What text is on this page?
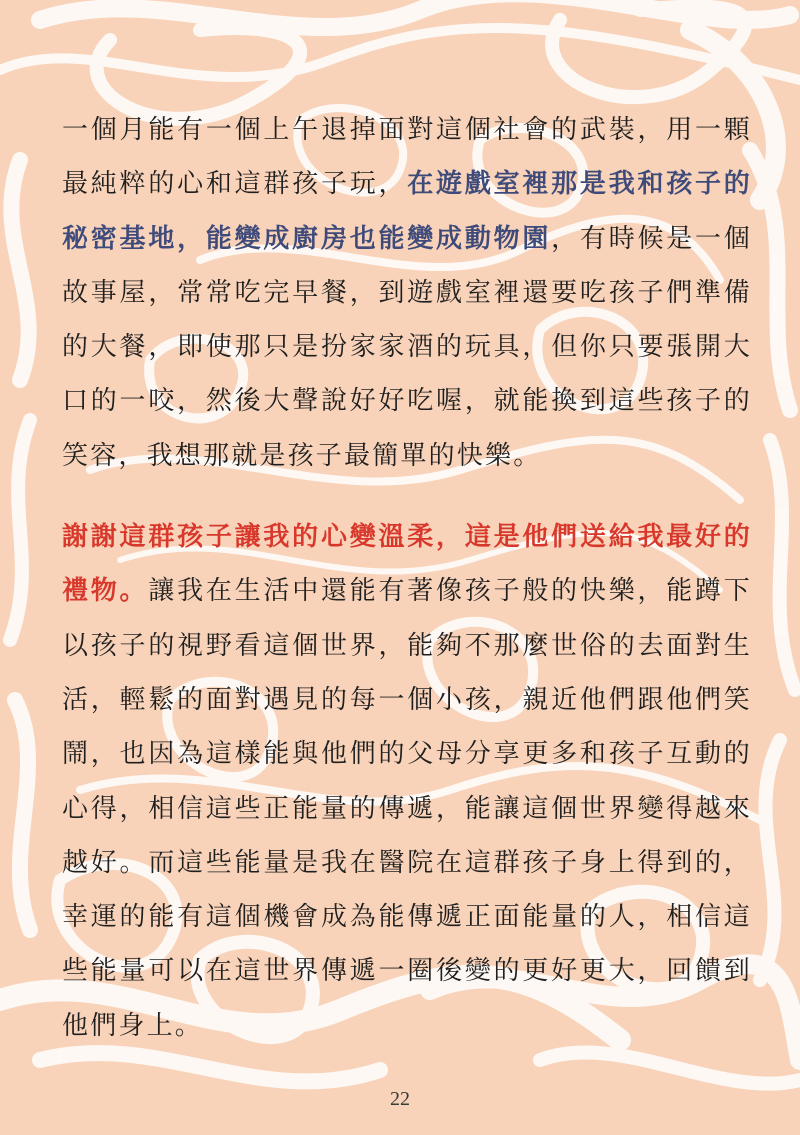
一個月能有一個上午退掉面對這個社會的武裝，用一顆最純粹的心和這群孩子玩，在遊戲室裡那是我和孩子的秘密基地，能變成廚房也能變成動物園，有時候是一個故事屋，常常吃完早餐，到遊戲室裡還要吃孩子們準備的大餐，即使那只是扮家家酒的玩具，但你只要張開大口的一咬，然後大聲說好好吃喔，就能換到這些孩子的笑容，我想那就是孩子最簡單的快樂。

謝謝這群孩子讓我的心變溫柔，這是他們送給我最好的禮物。讓我在生活中還能有著像孩子般的快樂，能蹲下以孩子的視野看這個世界，能夠不那麼世俗的去面對生活，輕鬆的面對遇見的每一個小孩，親近他們跟他們笑鬧，也因為這樣能與他們的父母分享更多和孩子互動的心得，相信這些正能量的傳遞，能讓這個世界變得越來越好。而這些能量是我在醫院在這群孩子身上得到的，幸運的能有這個機會成為能傳遞正面能量的人，相信這些能量可以在這世界傳遞一圈後變的更好更大，回饋到他們身上。

22
